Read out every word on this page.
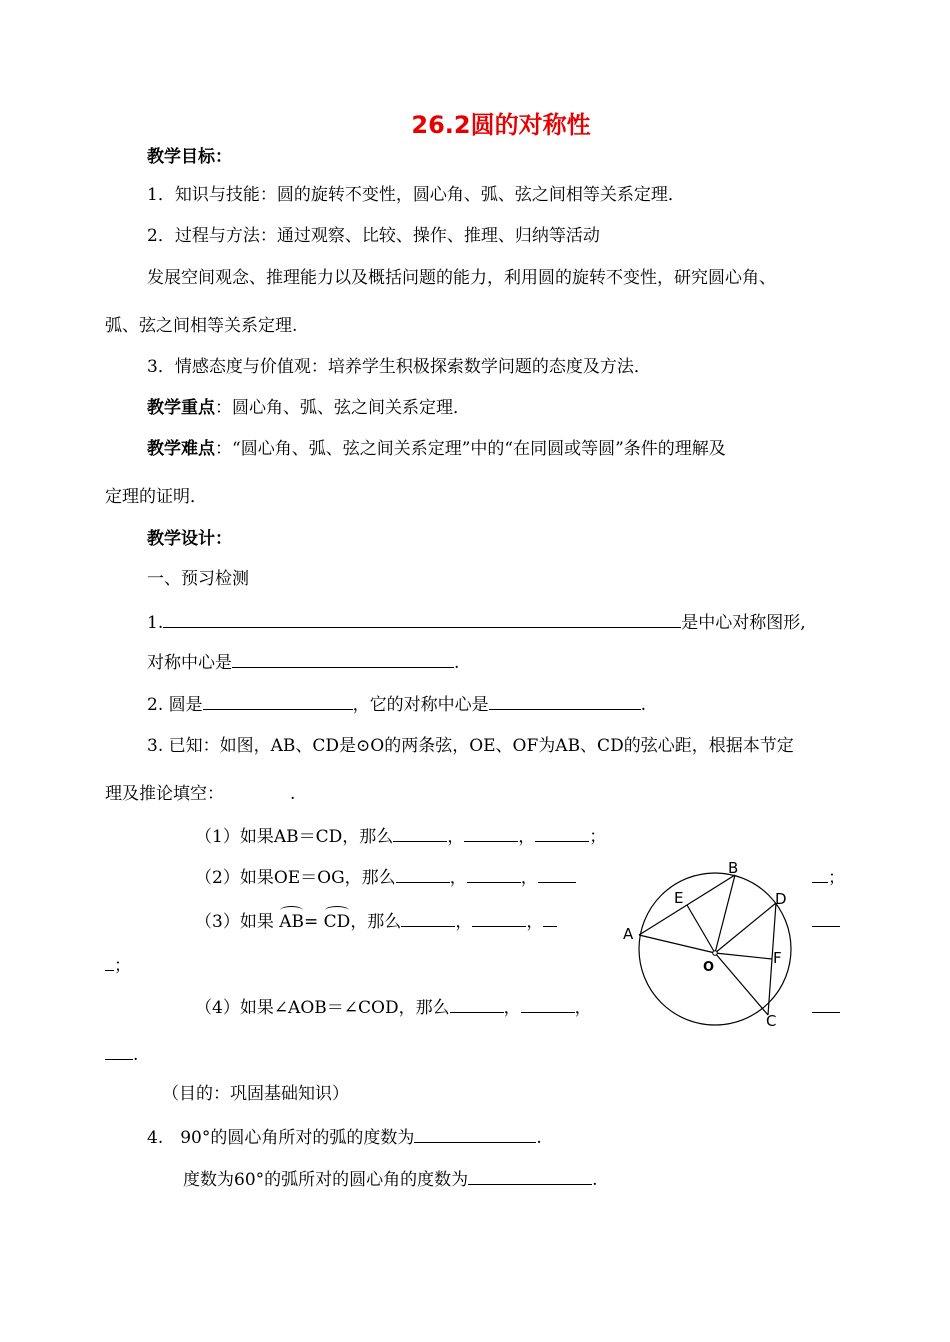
26.2圆的对称性
教学目标：
1．知识与技能：圆的旋转不变性，圆心角、弧、弦之间相等关系定理．
2．过程与方法：通过观察、比较、操作、推理、归纳等活动
发展空间观念、推理能力以及概括问题的能力，利用圆的旋转不变性，研究圆心角、
弧、弦之间相等关系定理.
3．情感态度与价值观：培养学生积极探索数学问题的态度及方法．
教学重点：圆心角、弧、弦之间关系定理．
教学难点：“圆心角、弧、弦之间关系定理”中的“在同圆或等圆”条件的理解及
定理的证明．
教学设计：
一、预习检测
1.	是中心对称图形,
对称中心是	.
2. 圆是	，它的对称中心是	.
3. 已知：如图，AB、CD是⊙O的两条弦，OE、OF为AB、CD的弦心距，根据本节定
理及推论填空：	.
（1）如果AB＝CD，那么	，	，	；
（2）如果OE＝OG，那么	，	，	；
（3）如果 AB= CD，那么	，	，
；
（4）如果∠AOB＝∠COD，那么	，	，
.
A
B
C
D
E
F
O
（目的：巩固基础知识）
4.　90°的圆心角所对的弧的度数为	.
度数为60°的弧所对的圆心角的度数为	.
